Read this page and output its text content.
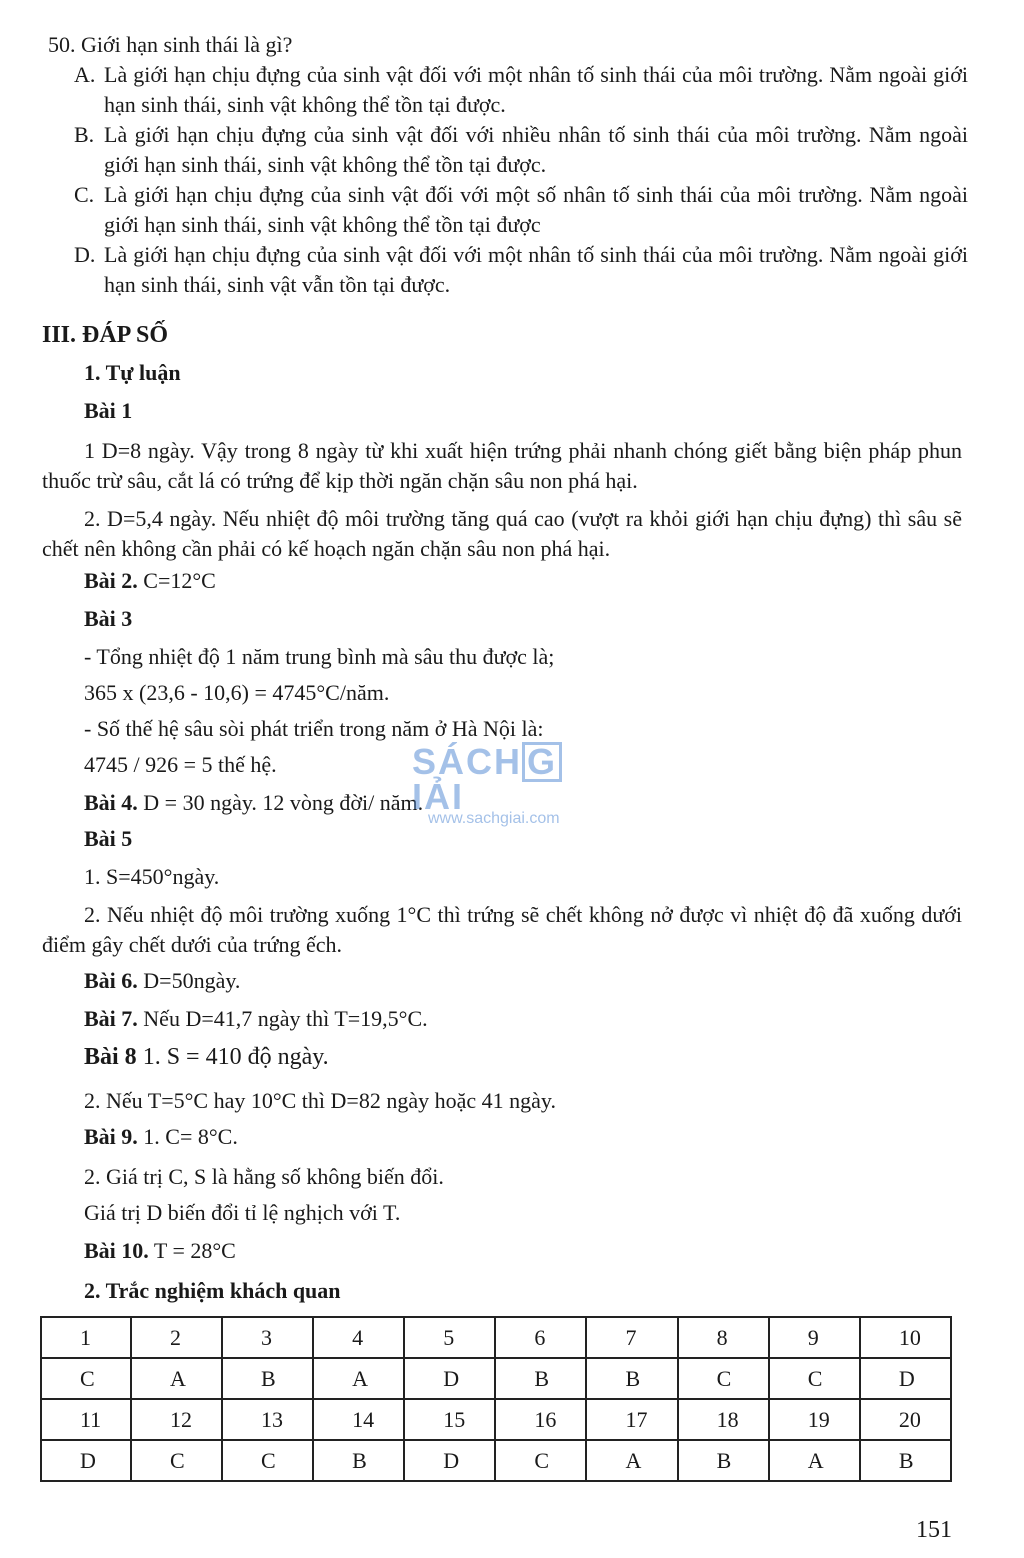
50. Giới hạn sinh thái là gì?
A. Là giới hạn chịu đựng của sinh vật đối với một nhân tố sinh thái của môi trường. Nằm ngoài giới hạn sinh thái, sinh vật không thể tồn tại được.
B. Là giới hạn chịu đựng của sinh vật đối với nhiều nhân tố sinh thái của môi trường. Nằm ngoài giới hạn sinh thái, sinh vật không thể tồn tại được.
C. Là giới hạn chịu đựng của sinh vật đối với một số nhân tố sinh thái của môi trường. Nằm ngoài giới hạn sinh thái, sinh vật không thể tồn tại được
D. Là giới hạn chịu đựng của sinh vật đối với một nhân tố sinh thái của môi trường. Nằm ngoài giới hạn sinh thái, sinh vật vẫn tồn tại được.
III. ĐÁP SỐ
1. Tự luận
Bài 1
1 D=8 ngày. Vậy trong 8 ngày từ khi xuất hiện trứng phải nhanh chóng giết bằng biện pháp phun thuốc trừ sâu, cắt lá có trứng để kịp thời ngăn chặn sâu non phá hại.
2. D=5,4 ngày. Nếu nhiệt độ môi trường tăng quá cao (vượt ra khỏi giới hạn chịu đựng) thì sâu sẽ chết nên không cần phải có kế hoạch ngăn chặn sâu non phá hại.
Bài 2. C=12°C
Bài 3
- Tổng nhiệt độ 1 năm trung bình mà sâu thu được là;
365 x (23,6 - 10,6) = 4745°C/năm.
- Số thế hệ sâu sòi phát triển trong năm ở Hà Nội là:
4745 / 926 = 5 thế hệ.
Bài 4. D = 30 ngày. 12 vòng đời/ năm.
Bài 5
1. S=450°ngày.
2. Nếu nhiệt độ môi trường xuống 1°C thì trứng sẽ chết không nở được vì nhiệt độ đã xuống dưới điểm gây chết dưới của trứng ếch.
Bài 6. D=50ngày.
Bài 7. Nếu D=41,7 ngày thì T=19,5°C.
Bài 8 1. S = 410 độ ngày.
2. Nếu T=5°C hay 10°C thì D=82 ngày hoặc 41 ngày.
Bài 9. 1. C= 8°C.
2. Giá trị C, S là hằng số không biến đổi.
Giá trị D biến đổi tỉ lệ nghịch với T.
Bài 10. T = 28°C
2. Trắc nghiệm khách quan
1	2	3	4	5	6	7	8	9	10
C	A	B	A	D	B	B	C	C	D
11	12	13	14	15	16	17	18	19	20
D	C	C	B	D	C	A	B	A	B
SÁCH GIẢI
www.sachgiai.com
151
